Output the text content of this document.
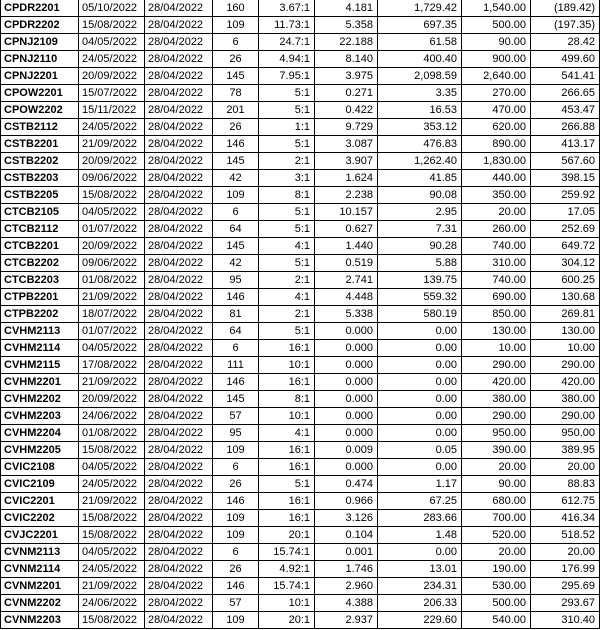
CPDR2201	05/10/2022	28/04/2022	160	3.67:1	4.181	1,729.42	1,540.00	(189.42)
CPDR2202	15/08/2022	28/04/2022	109	11.73:1	5.358	697.35	500.00	(197.35)
CPNJ2109	04/05/2022	28/04/2022	6	24.7:1	22.188	61.58	90.00	28.42
CPNJ2110	24/05/2022	28/04/2022	26	4.94:1	8.140	400.40	900.00	499.60
CPNJ2201	20/09/2022	28/04/2022	145	7.95:1	3.975	2,098.59	2,640.00	541.41
CPOW2201	15/07/2022	28/04/2022	78	5:1	0.271	3.35	270.00	266.65
CPOW2202	15/11/2022	28/04/2022	201	5:1	0.422	16.53	470.00	453.47
CSTB2112	24/05/2022	28/04/2022	26	1:1	9.729	353.12	620.00	266.88
CSTB2201	21/09/2022	28/04/2022	146	5:1	3.087	476.83	890.00	413.17
CSTB2202	20/09/2022	28/04/2022	145	2:1	3.907	1,262.40	1,830.00	567.60
CSTB2203	09/06/2022	28/04/2022	42	3:1	1.624	41.85	440.00	398.15
CSTB2205	15/08/2022	28/04/2022	109	8:1	2.238	90.08	350.00	259.92
CTCB2105	04/05/2022	28/04/2022	6	5:1	10.157	2.95	20.00	17.05
CTCB2112	01/07/2022	28/04/2022	64	5:1	0.627	7.31	260.00	252.69
CTCB2201	20/09/2022	28/04/2022	145	4:1	1.440	90.28	740.00	649.72
CTCB2202	09/06/2022	28/04/2022	42	5:1	0.519	5.88	310.00	304.12
CTCB2203	01/08/2022	28/04/2022	95	2:1	2.741	139.75	740.00	600.25
CTPB2201	21/09/2022	28/04/2022	146	4:1	4.448	559.32	690.00	130.68
CTPB2202	18/07/2022	28/04/2022	81	2:1	5.338	580.19	850.00	269.81
CVHM2113	01/07/2022	28/04/2022	64	5:1	0.000	0.00	130.00	130.00
CVHM2114	04/05/2022	28/04/2022	6	16:1	0.000	0.00	10.00	10.00
CVHM2115	17/08/2022	28/04/2022	111	10:1	0.000	0.00	290.00	290.00
CVHM2201	21/09/2022	28/04/2022	146	16:1	0.000	0.00	420.00	420.00
CVHM2202	20/09/2022	28/04/2022	145	8:1	0.000	0.00	380.00	380.00
CVHM2203	24/06/2022	28/04/2022	57	10:1	0.000	0.00	290.00	290.00
CVHM2204	01/08/2022	28/04/2022	95	4:1	0.000	0.00	950.00	950.00
CVHM2205	15/08/2022	28/04/2022	109	16:1	0.009	0.05	390.00	389.95
CVIC2108	04/05/2022	28/04/2022	6	16:1	0.000	0.00	20.00	20.00
CVIC2109	24/05/2022	28/04/2022	26	5:1	0.474	1.17	90.00	88.83
CVIC2201	21/09/2022	28/04/2022	146	16:1	0.966	67.25	680.00	612.75
CVIC2202	15/08/2022	28/04/2022	109	16:1	3.126	283.66	700.00	416.34
CVJC2201	15/08/2022	28/04/2022	109	20:1	0.104	1.48	520.00	518.52
CVNM2113	04/05/2022	28/04/2022	6	15.74:1	0.001	0.00	20.00	20.00
CVNM2114	24/05/2022	28/04/2022	26	4.92:1	1.746	13.01	190.00	176.99
CVNM2201	21/09/2022	28/04/2022	146	15.74:1	2.960	234.31	530.00	295.69
CVNM2202	24/06/2022	28/04/2022	57	10:1	4.388	206.33	500.00	293.67
CVNM2203	15/08/2022	28/04/2022	109	20:1	2.937	229.60	540.00	310.40
